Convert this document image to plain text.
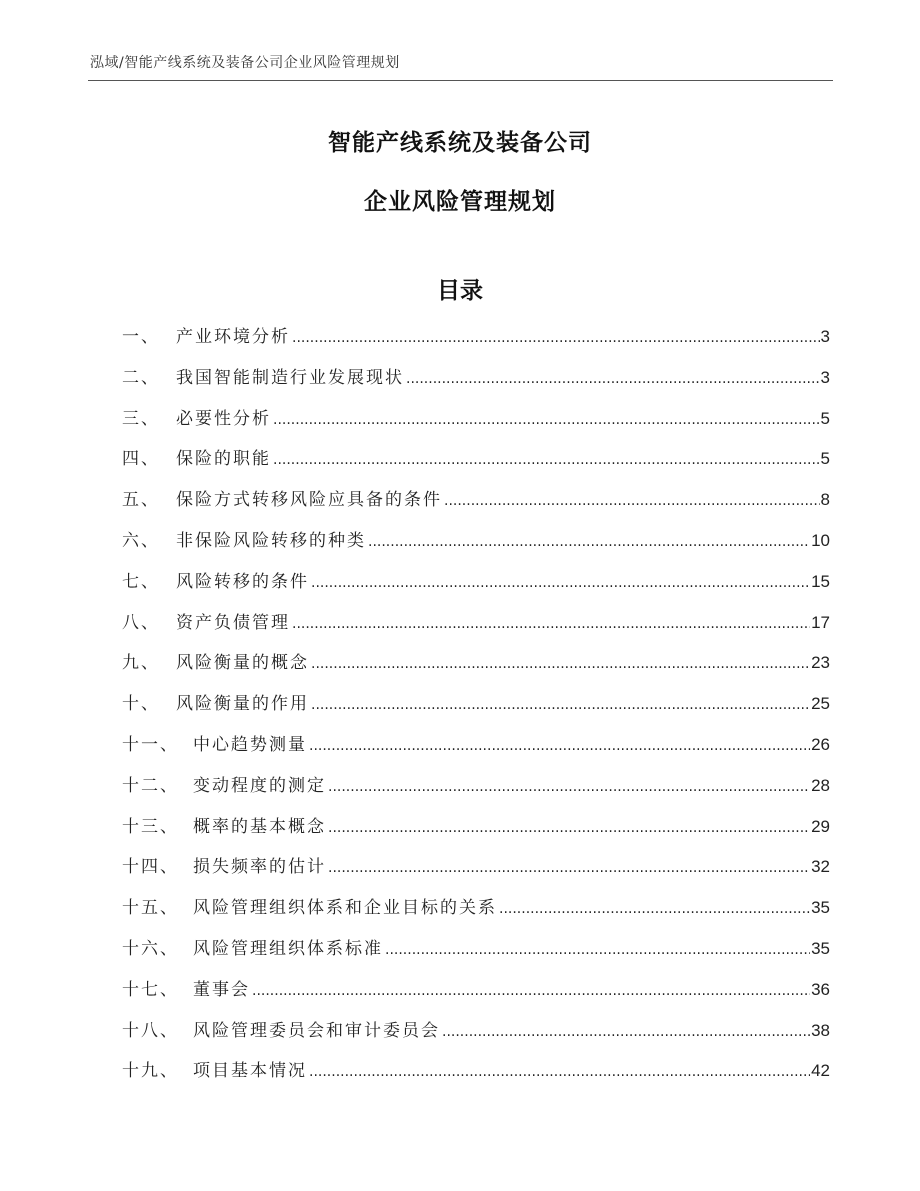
泓域/智能产线系统及装备公司企业风险管理规划
智能产线系统及装备公司
企业风险管理规划
目录
一、 产业环境分析 .....	3
二、 我国智能制造行业发展现状 .....	3
三、 必要性分析 .....	5
四、 保险的职能 .....	5
五、 保险方式转移风险应具备的条件 .....	8
六、 非保险风险转移的种类 .....	10
七、 风险转移的条件 .....	15
八、 资产负债管理 .....	17
九、 风险衡量的概念 .....	23
十、 风险衡量的作用 .....	25
十一、 中心趋势测量 .....	26
十二、 变动程度的测定 .....	28
十三、 概率的基本概念 .....	29
十四、 损失频率的估计 .....	32
十五、 风险管理组织体系和企业目标的关系 .....	35
十六、 风险管理组织体系标准 .....	35
十七、 董事会 .....	36
十八、 风险管理委员会和审计委员会 .....	38
十九、 项目基本情况 .....	42
